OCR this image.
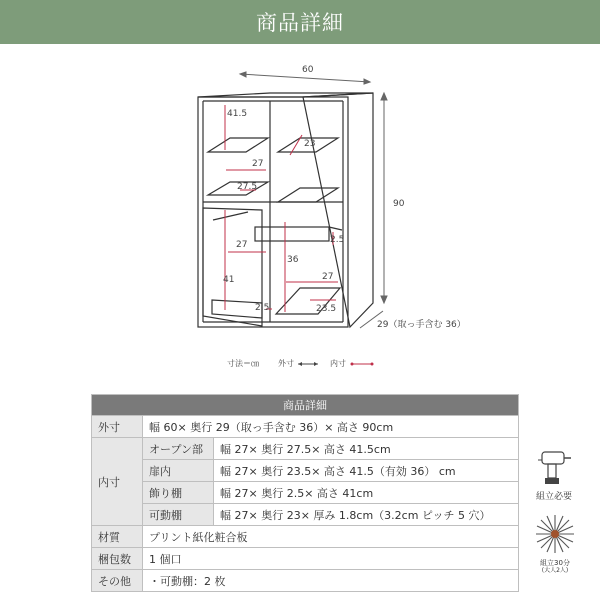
商品詳細
60
90
29（取っ手含む 36）
41.5
23
27
27.5
27	2.5
36
41	27
2.5	23.5
寸法＝㎝ 外寸	内寸
商品詳細		
外寸	幅 60× 奥行 29（取っ手含む 36）× 高さ 90cm	
内寸	オープン部	幅 27× 奥行 27.5× 高さ 41.5cm
	扉内	幅 27× 奥行 23.5× 高さ 41.5（有効 36） cm
	飾り棚	幅 27× 奥行 2.5× 高さ 41cm
	可動棚	幅 27× 奥行 23× 厚み 1.8cm（3.2cm ピッチ 5 穴）
材質	プリント紙化粧合板	
梱包数	1 個口	
その他	・可動棚：2 枚	
組立必要
組立30分
(大人2人)
